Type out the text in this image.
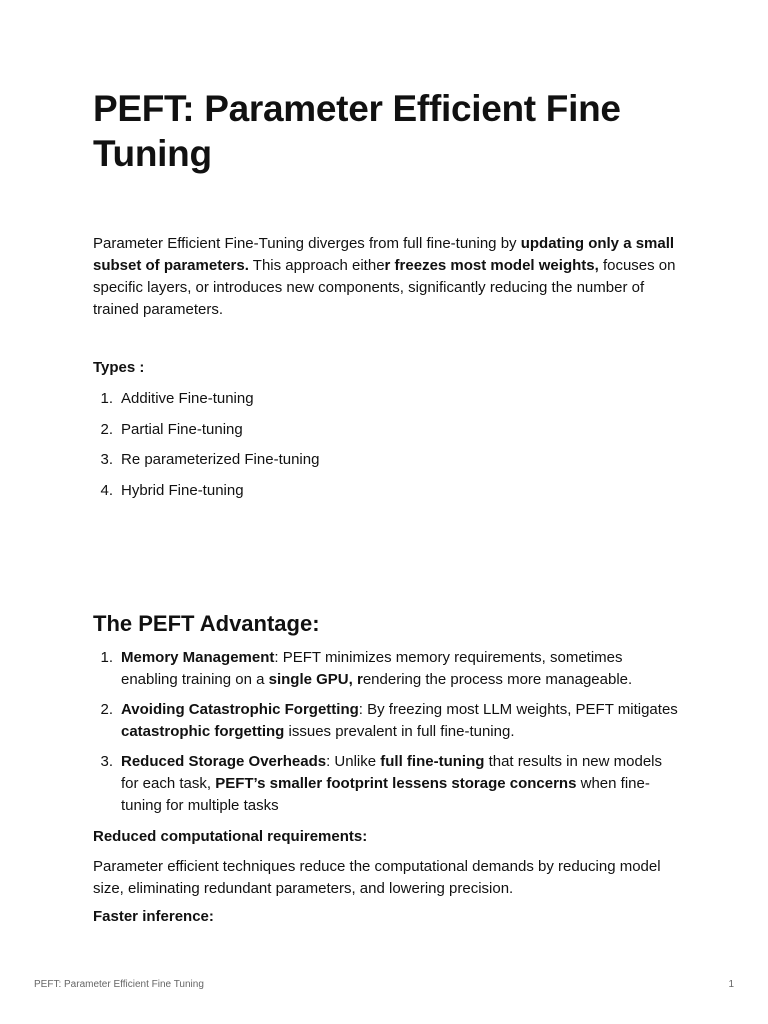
PEFT: Parameter Efficient Fine Tuning

Parameter Efficient Fine-Tuning diverges from full fine-tuning by updating only a small subset of parameters. This approach either freezes most model weights, focuses on specific layers, or introduces new components, significantly reducing the number of trained parameters.

Types :

1. Additive Fine-tuning
2. Partial Fine-tuning
3. Re parameterized Fine-tuning
4. Hybrid Fine-tuning
The PEFT Advantage:
1. Memory Management: PEFT minimizes memory requirements, sometimes enabling training on a single GPU, rendering the process more manageable.
2. Avoiding Catastrophic Forgetting: By freezing most LLM weights, PEFT mitigates catastrophic forgetting issues prevalent in full fine-tuning.
3. Reduced Storage Overheads: Unlike full fine-tuning that results in new models for each task, PEFT’s smaller footprint lessens storage concerns when fine-tuning for multiple tasks

Reduced computational requirements:

Parameter efficient techniques reduce the computational demands by reducing model size, eliminating redundant parameters, and lowering precision.

Faster inference:

PEFT: Parameter Efficient Fine Tuning	1
